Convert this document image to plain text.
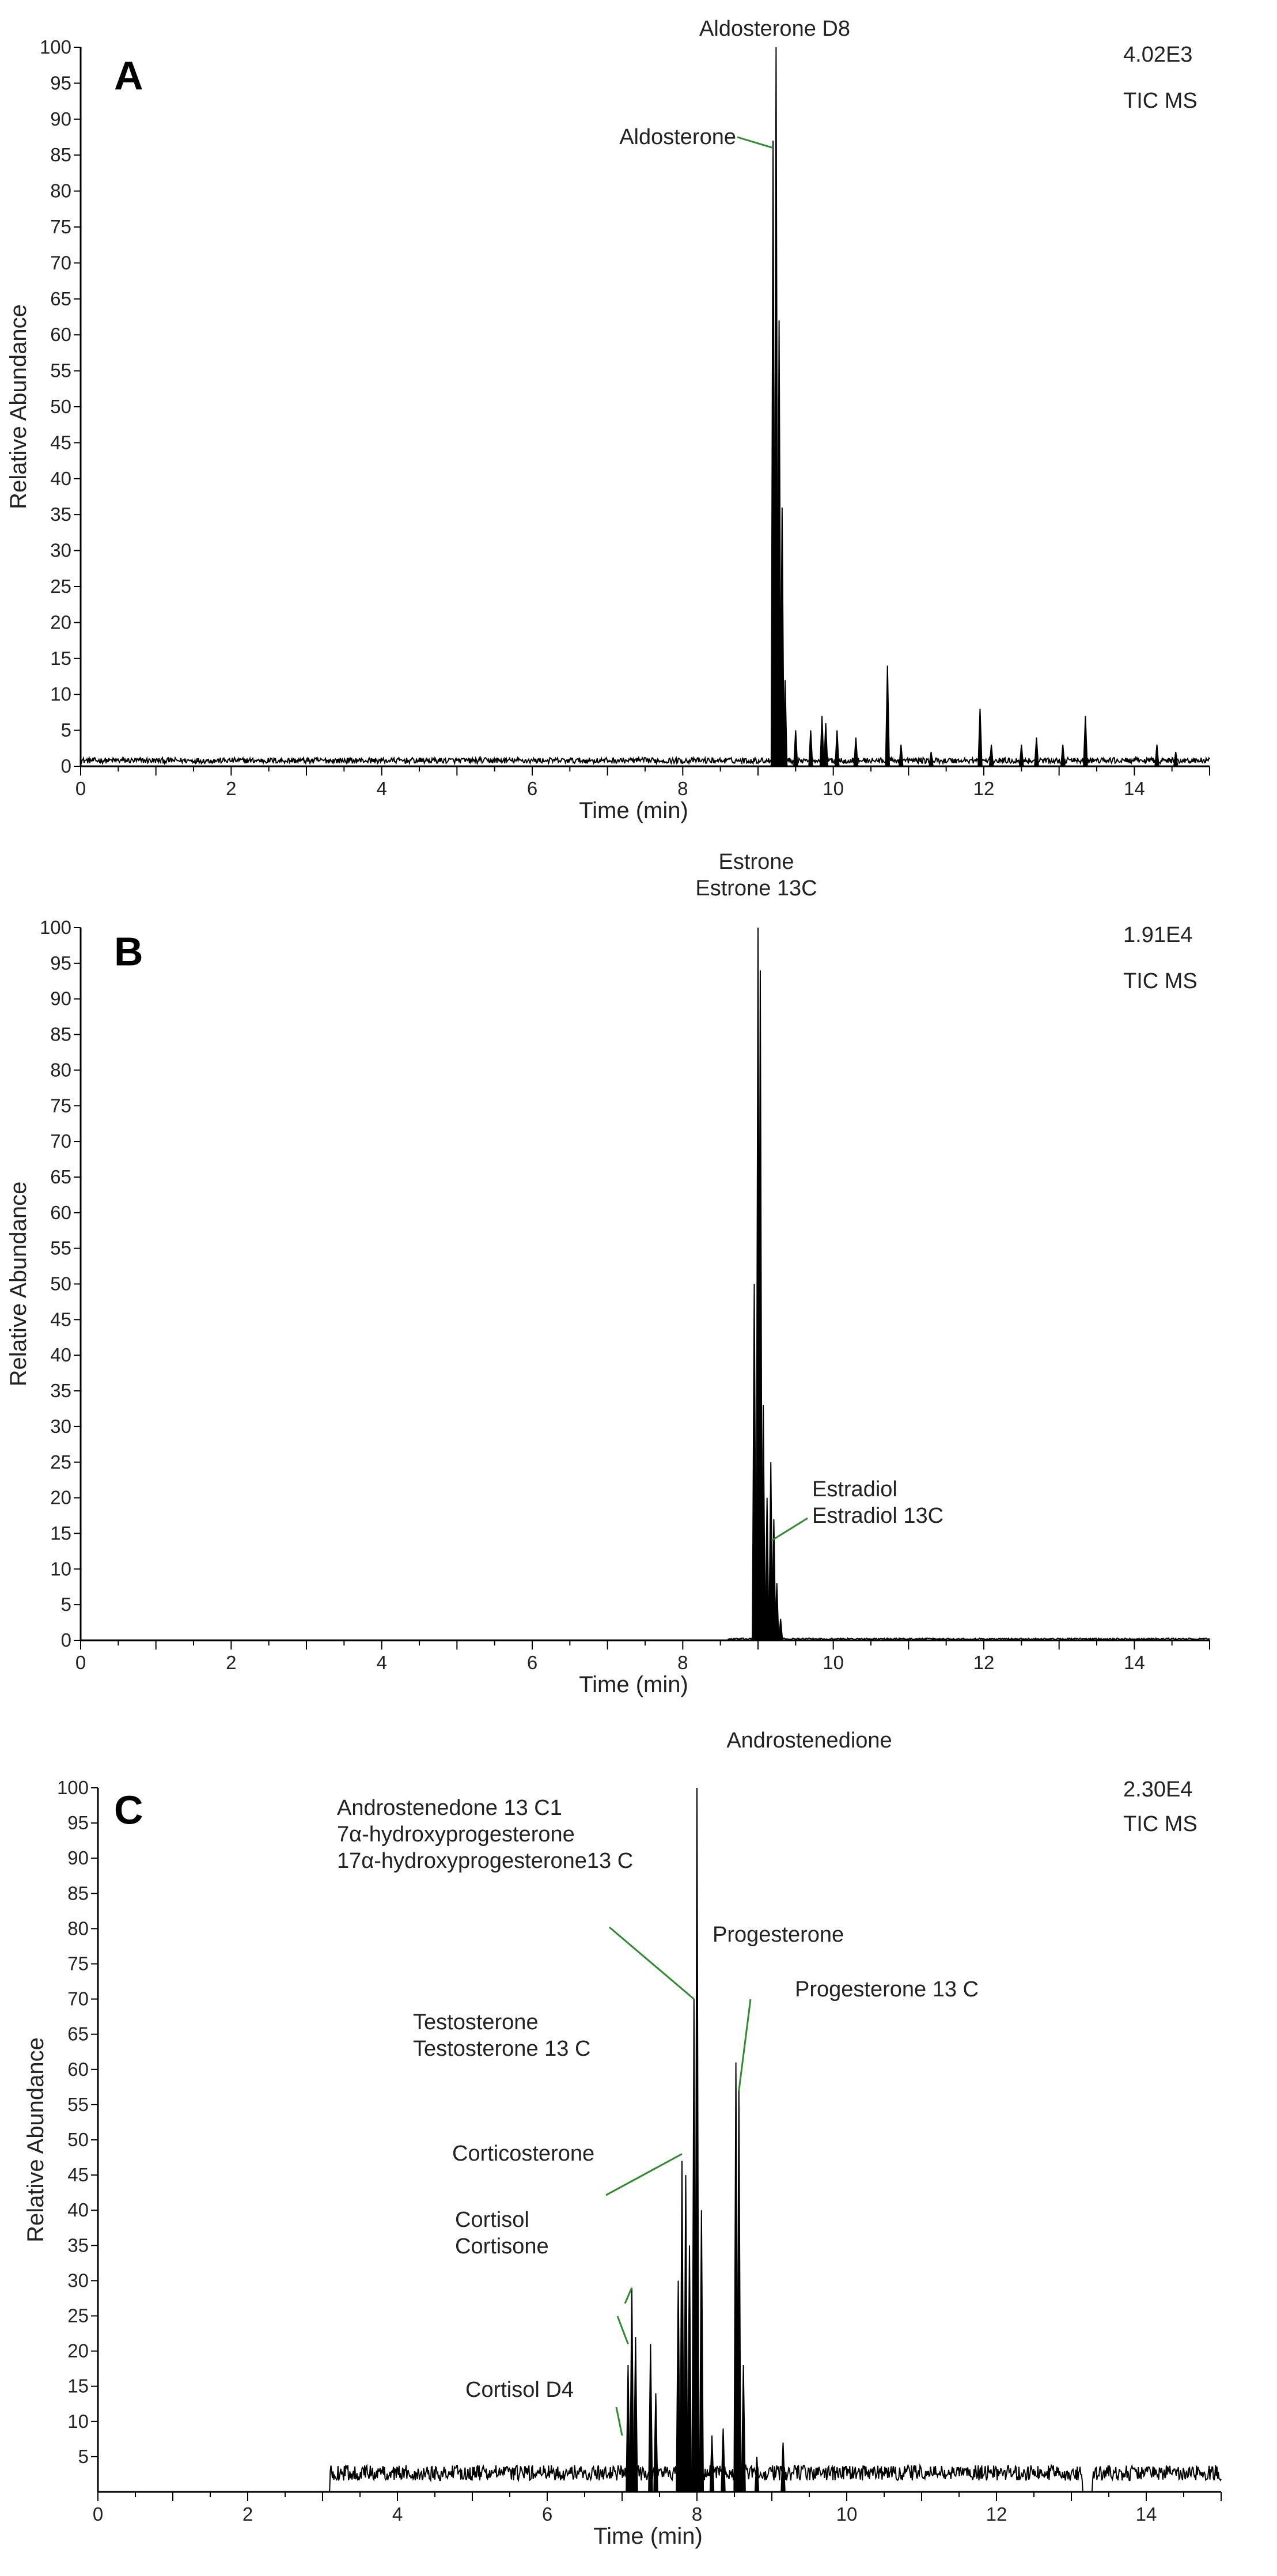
A
0
5
10
15
20
25
30
35
40
45
50
55
60
65
70
75
80
85
90
95
100
0	2	4	6	8	10	12	14
Time (min)
Relative Abundance
4.02E3
TIC MS
Aldosterone D8
Aldosterone
B
0
5
10
15
20
25
30
35
40
45
50
55
60
65
70
75
80
85
90
95
100
0	2	4	6	8	10	12	14
Time (min)
Relative Abundance
1.91E4
TIC MS
Estrone Estrone 13C
Estradiol Estradiol 13C
C
5
10
15
20
25
30
35
40
45
50
55
60
65
70
75
80
85
90
95
100
0	2	4	6	8	10	12	14
Time (min)
Relative Abundance
2.30E4
TIC MS
Androstenedione
Androstenedone 13 C1 7α-hydroxyprogesterone 17α-hydroxyprogesterone13 C
Progesterone
Progesterone 13 C
Testosterone Testosterone 13 C
Corticosterone
Cortisol Cortisone
Cortisol D4
